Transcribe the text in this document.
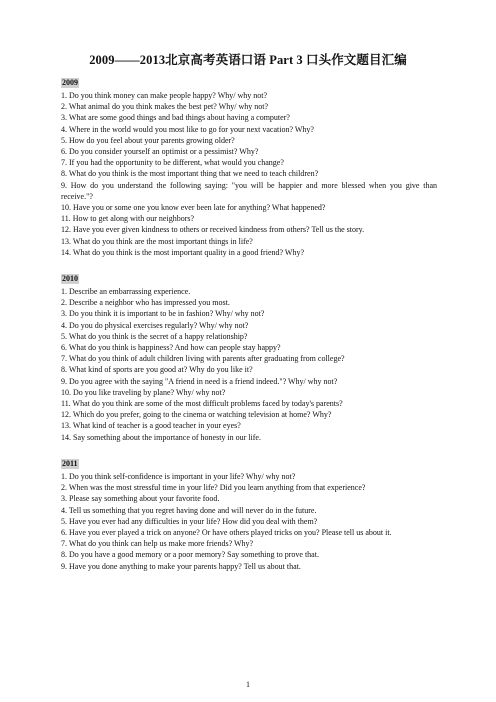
2009——2013北京高考英语口语 Part 3 口头作文题目汇编
2009

1. Do you think money can make people happy? Why/ why not?

2. What animal do you think makes the best pet? Why/ why not?

3. What are some good things and bad things about having a computer?

4. Where in the world would you most like to go for your next vacation? Why?

5. How do you feel about your parents growing older?

6. Do you consider yourself an optimist or a pessimist? Why?

7. If you had the opportunity to be different, what would you change?

8. What do you think is the most important thing that we need to teach children?

9. How do you understand the following saying: "you will be happier and more blessed when you give than receive."?

10. Have you or some one you know ever been late for anything? What happened?

11. How to get along with our neighbors?

12. Have you ever given kindness to others or received kindness from others? Tell us the story.

13. What do you think are the most important things in life?

14. What do you think is the most important quality in a good friend? Why?

2010

1. Describe an embarrassing experience.

2. Describe a neighbor who has impressed you most.

3. Do you think it is important to be in fashion? Why/ why not?

4. Do you do physical exercises regularly? Why/ why not?

5. What do you think is the secret of a happy relationship?

6. What do you think is happiness? And how can people stay happy?

7. What do you think of adult children living with parents after graduating from college?

8. What kind of sports are you good at? Why do you like it?

9. Do you agree with the saying "A friend in need is a friend indeed."? Why/ why not?

10. Do you like traveling by plane? Why/ why not?

11. What do you think are some of the most difficult problems faced by today's parents?

12. Which do you prefer, going to the cinema or watching television at home? Why?

13. What kind of teacher is a good teacher in your eyes?

14. Say something about the importance of honesty in our life.

2011

1. Do you think self-confidence is important in your life? Why/ why not?

2. When was the most stressful time in your life? Did you learn anything from that experience?

3. Please say something about your favorite food.

4. Tell us something that you regret having done and will never do in the future.

5. Have you ever had any difficulties in your life? How did you deal with them?

6. Have you ever played a trick on anyone? Or have others played tricks on you? Please tell us about it.

7. What do you think can help us make more friends? Why?

8. Do you have a good memory or a poor memory? Say something to prove that.

9. Have you done anything to make your parents happy? Tell us about that.

1
